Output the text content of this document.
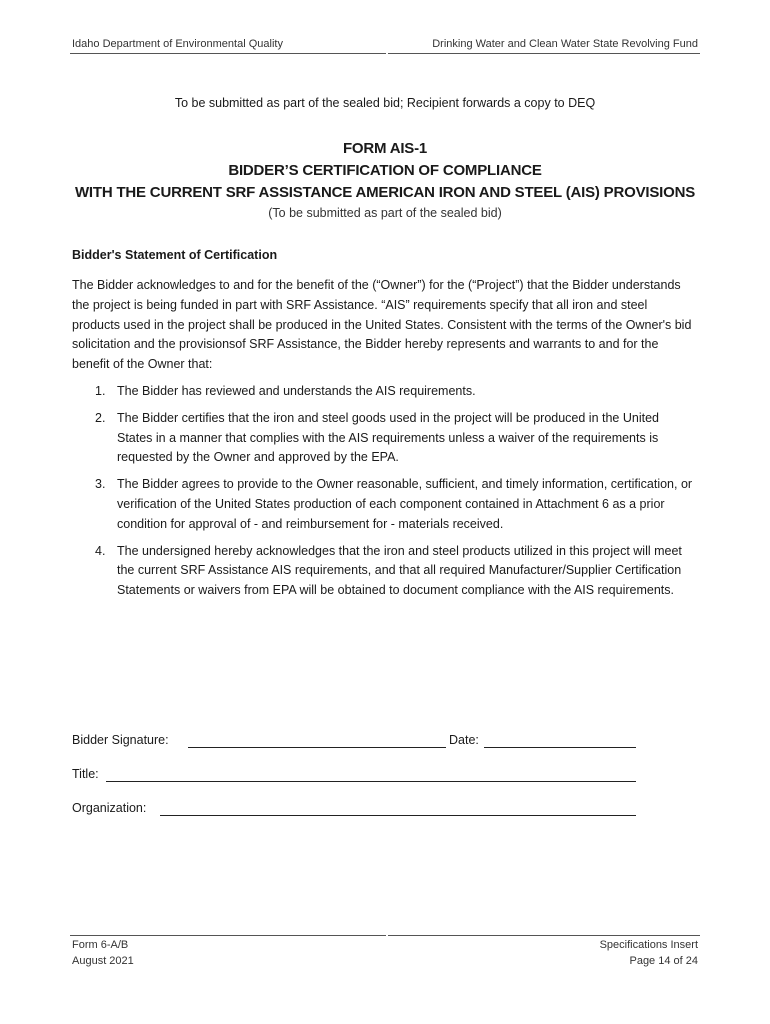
Idaho Department of Environmental Quality	Drinking Water and Clean Water State Revolving Fund
To be submitted as part of the sealed bid; Recipient forwards a copy to DEQ
FORM AIS-1
BIDDER’S CERTIFICATION OF COMPLIANCE
WITH THE CURRENT SRF ASSISTANCE AMERICAN IRON AND STEEL (AIS) PROVISIONS
(To be submitted as part of the sealed bid)
Bidder's Statement of Certification
The Bidder acknowledges to and for the benefit of the (“Owner”) for the (“Project”) that the Bidder understands the project is being funded in part with SRF Assistance. “AIS” requirements specify that all iron and steel products used in the project shall be produced in the United States. Consistent with the terms of the Owner's bid solicitation and the provisionsof SRF Assistance, the Bidder hereby represents and warrants to and for the benefit of the Owner that:
1. The Bidder has reviewed and understands the AIS requirements.
2. The Bidder certifies that the iron and steel goods used in the project will be produced in the United States in a manner that complies with the AIS requirements unless a waiver of the requirements is requested by the Owner and approved by the EPA.
3. The Bidder agrees to provide to the Owner reasonable, sufficient, and timely information, certification, or verification of the United States production of each component contained in Attachment 6 as a prior condition for approval of - and reimbursement for - materials received.
4. The undersigned hereby acknowledges that the iron and steel products utilized in this project will meet the current SRF Assistance AIS requirements, and that all required Manufacturer/Supplier Certification Statements or waivers from EPA will be obtained to document compliance with the AIS requirements.
Bidder Signature:	Date:
Title:
Organization:
Form 6-A/B
August 2021
Specifications Insert
Page 14 of 24
